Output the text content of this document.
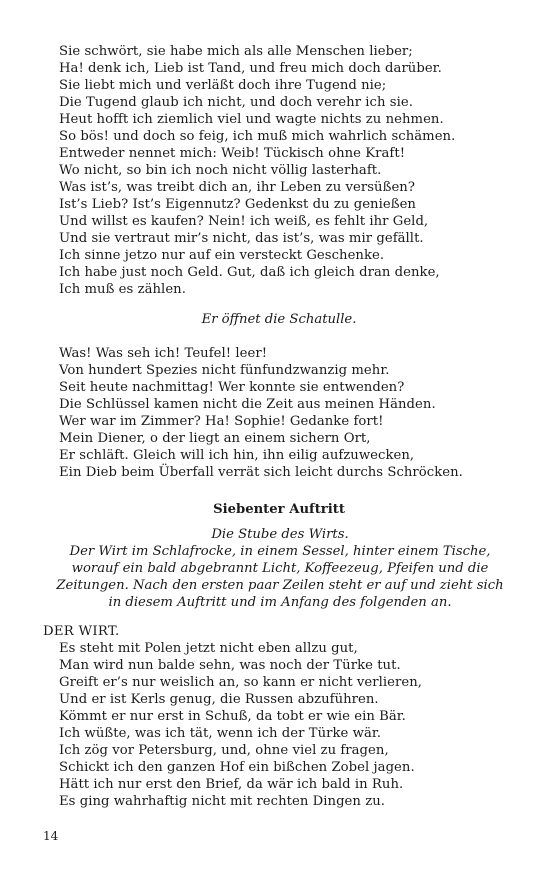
Sie schwört, sie habe mich als alle Menschen lieber;
Ha! denk ich, Lieb ist Tand, und freu mich doch darüber.
Sie liebt mich und verläßt doch ihre Tugend nie;
Die Tugend glaub ich nicht, und doch verehr ich sie.
Heut hofft ich ziemlich viel und wagte nichts zu nehmen.
So bös! und doch so feig, ich muß mich wahrlich schämen.
Entweder nennet mich: Weib! Tückisch ohne Kraft!
Wo nicht, so bin ich noch nicht völlig lasterhaft.
Was ist’s, was treibt dich an, ihr Leben zu versüßen?
Ist’s Lieb? Ist’s Eigennutz? Gedenkst du zu genießen
Und willst es kaufen? Nein! ich weiß, es fehlt ihr Geld,
Und sie vertraut mir’s nicht, das ist’s, was mir gefällt.
Ich sinne jetzo nur auf ein versteckt Geschenke.
Ich habe just noch Geld. Gut, daß ich gleich dran denke,
Ich muß es zählen.
Er öffnet die Schatulle.
Was! Was seh ich! Teufel! leer!
Von hundert Spezies nicht fünfundzwanzig mehr.
Seit heute nachmittag! Wer konnte sie entwenden?
Die Schlüssel kamen nicht die Zeit aus meinen Händen.
Wer war im Zimmer? Ha! Sophie! Gedanke fort!
Mein Diener, o der liegt an einem sichern Ort,
Er schläft. Gleich will ich hin, ihn eilig aufzuwecken,
Ein Dieb beim Überfall verrät sich leicht durchs Schröcken.
Siebenter Auftritt
Die Stube des Wirts.
Der Wirt im Schlafrocke, in einem Sessel, hinter einem Tische,
worauf ein bald abgebrannt Licht, Koffeezeug, Pfeifen und die
Zeitungen. Nach den ersten paar Zeilen steht er auf und zieht sich
in diesem Auftritt und im Anfang des folgenden an.
DER WIRT.
Es steht mit Polen jetzt nicht eben allzu gut,
Man wird nun balde sehn, was noch der Türke tut.
Greift er’s nur weislich an, so kann er nicht verlieren,
Und er ist Kerls genug, die Russen abzuführen.
Kömmt er nur erst in Schuß, da tobt er wie ein Bär.
Ich wüßte, was ich tät, wenn ich der Türke wär.
Ich zög vor Petersburg, und, ohne viel zu fragen,
Schickt ich den ganzen Hof ein bißchen Zobel jagen.
Hätt ich nur erst den Brief, da wär ich bald in Ruh.
Es ging wahrhaftig nicht mit rechten Dingen zu.
14
